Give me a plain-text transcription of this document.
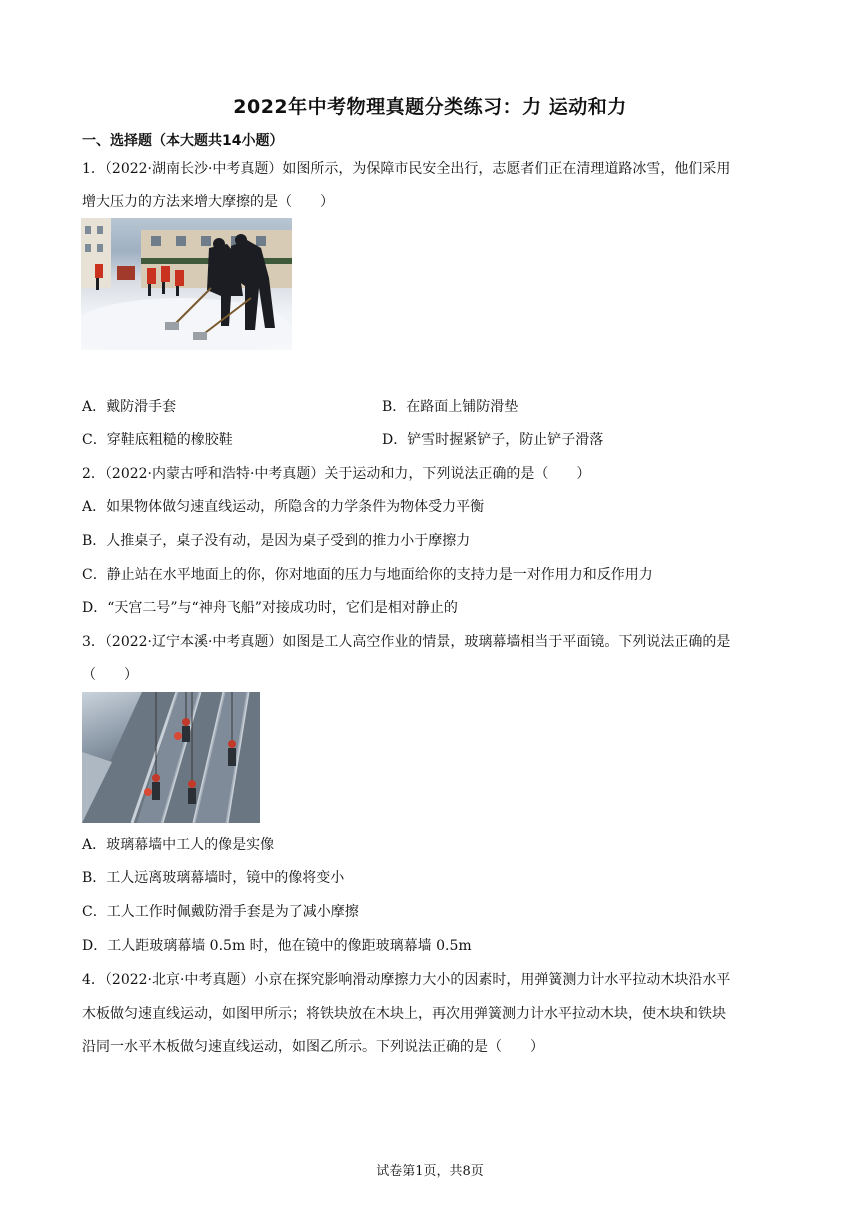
2022年中考物理真题分类练习：力 运动和力
一、选择题（本大题共14小题）
1．（2022·湖南长沙·中考真题）如图所示，为保障市民安全出行，志愿者们正在清理道路冰雪，他们采用
增大压力的方法来增大摩擦的是（　　）
A．戴防滑手套	B．在路面上铺防滑垫
C．穿鞋底粗糙的橡胶鞋	D．铲雪时握紧铲子，防止铲子滑落
2．（2022·内蒙古呼和浩特·中考真题）关于运动和力，下列说法正确的是（　　）
A．如果物体做匀速直线运动，所隐含的力学条件为物体受力平衡
B．人推桌子，桌子没有动，是因为桌子受到的推力小于摩擦力
C．静止站在水平地面上的你，你对地面的压力与地面给你的支持力是一对作用力和反作用力
D．“天宫二号”与“神舟飞船”对接成功时，它们是相对静止的
3．（2022·辽宁本溪·中考真题）如图是工人高空作业的情景，玻璃幕墙相当于平面镜。下列说法正确的是
（　　）
A．玻璃幕墙中工人的像是实像
B．工人远离玻璃幕墙时，镜中的像将变小
C．工人工作时佩戴防滑手套是为了减小摩擦
D．工人距玻璃幕墙 0.5m 时，他在镜中的像距玻璃幕墙 0.5m
4．（2022·北京·中考真题）小京在探究影响滑动摩擦力大小的因素时，用弹簧测力计水平拉动木块沿水平
木板做匀速直线运动，如图甲所示；将铁块放在木块上，再次用弹簧测力计水平拉动木块，使木块和铁块
沿同一水平木板做匀速直线运动，如图乙所示。下列说法正确的是（　　）
试卷第1页，共8页
